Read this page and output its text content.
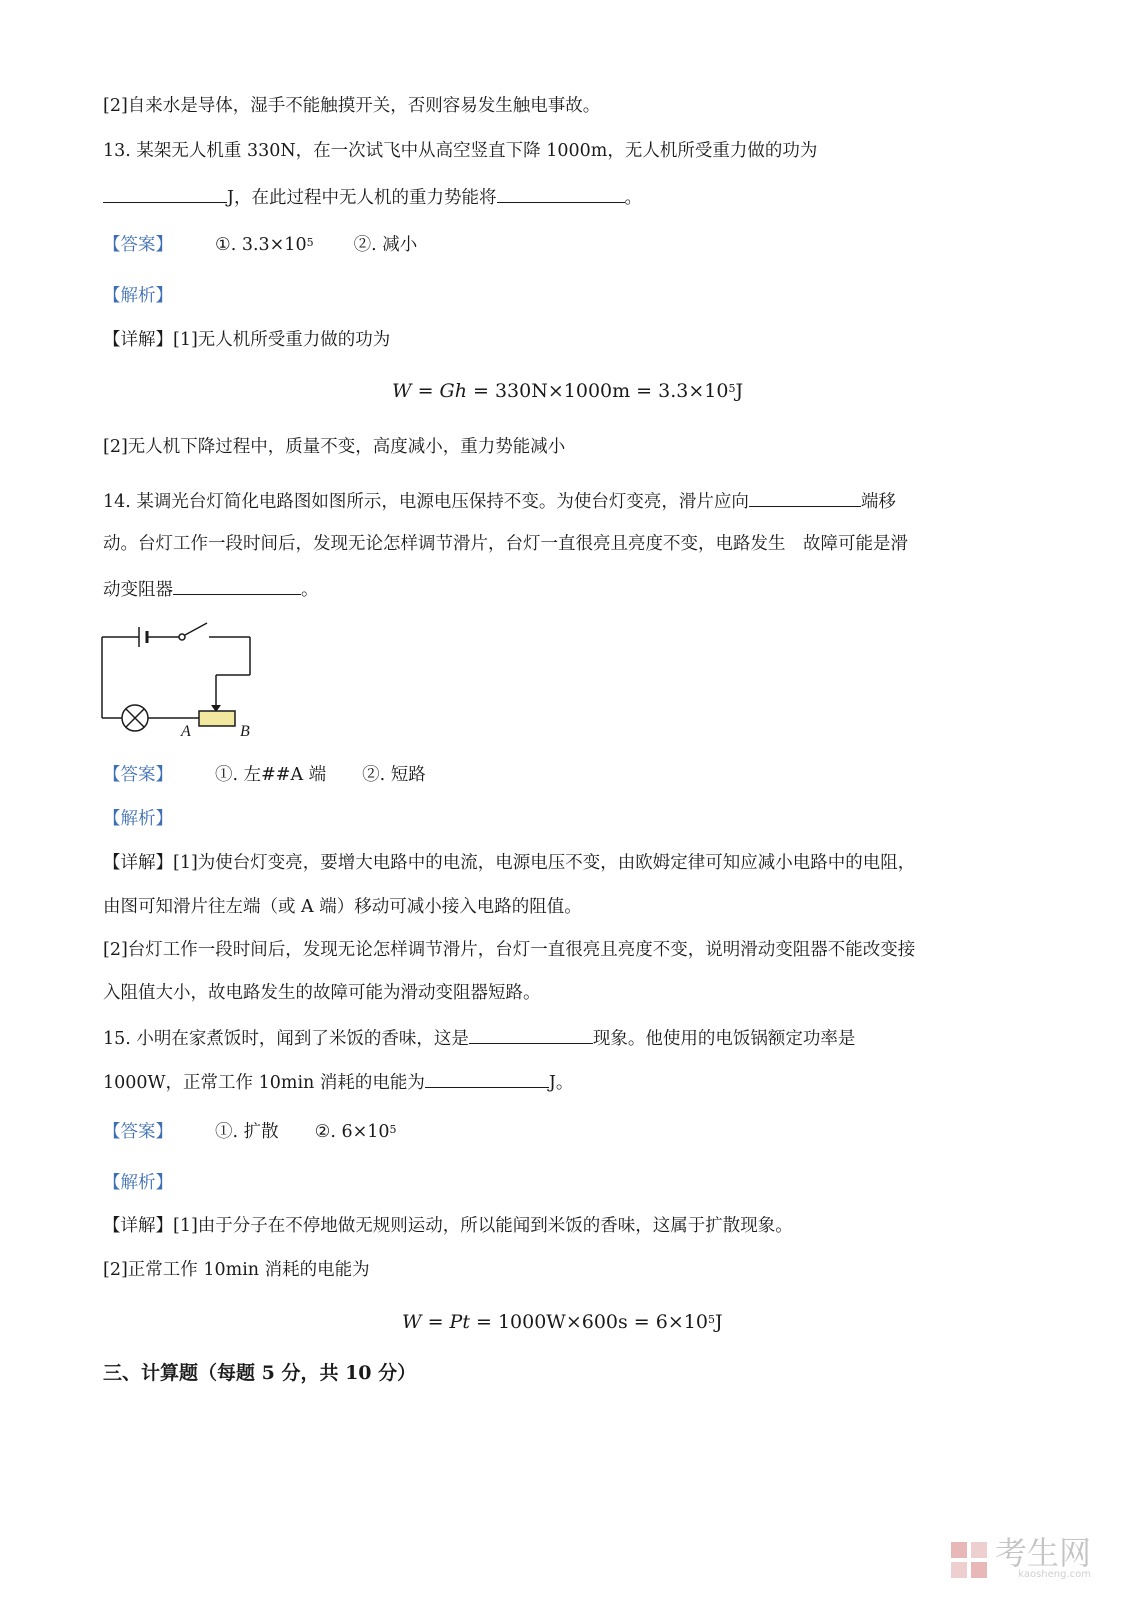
[2]自来水是导体，湿手不能触摸开关，否则容易发生触电事故。
13. 某架无人机重 330N，在一次试飞中从高空竖直下降 1000m，无人机所受重力做的功为
J，在此过程中无人机的重力势能将	。
【答案】 ①. $3.3\times 10^5$ ②. 减小
【解析】
【详解】[1]无人机所受重力做的功为
$W = Gh = 330N\times 1000m = 3.3\times 10^5J$
[2]无人机下降过程中，质量不变，高度减小，重力势能减小
14. 某调光台灯简化电路图如图所示，电源电压保持不变。为使台灯变亮，滑片应向	端移
动。台灯工作一段时间后，发现无论怎样调节滑片，台灯一直很亮且亮度不变，电路发生　故障可能是滑
动变阻器	。
A	B
【答案】 ①. 左##A 端 ②. 短路
【解析】
【详解】[1]为使台灯变亮，要增大电路中的电流，电源电压不变，由欧姆定律可知应减小电路中的电阻，
由图可知滑片往左端（或 A 端）移动可减小接入电路的阻值。
[2]台灯工作一段时间后，发现无论怎样调节滑片，台灯一直很亮且亮度不变，说明滑动变阻器不能改变接
入阻值大小，故电路发生的故障可能为滑动变阻器短路。
15. 小明在家煮饭时，闻到了米饭的香味，这是	现象。他使用的电饭锅额定功率是
1000W，正常工作 10min 消耗的电能为	J。
【答案】 ①. 扩散 ②. $6\times 10^5$
【解析】
【详解】[1]由于分子在不停地做无规则运动，所以能闻到米饭的香味，这属于扩散现象。
[2]正常工作 10min 消耗的电能为
$W = Pt = 1000W\times 600s = 6\times 10^5J$
三、计算题（每题 5 分，共 10 分）
考生网
kaosheng.com
